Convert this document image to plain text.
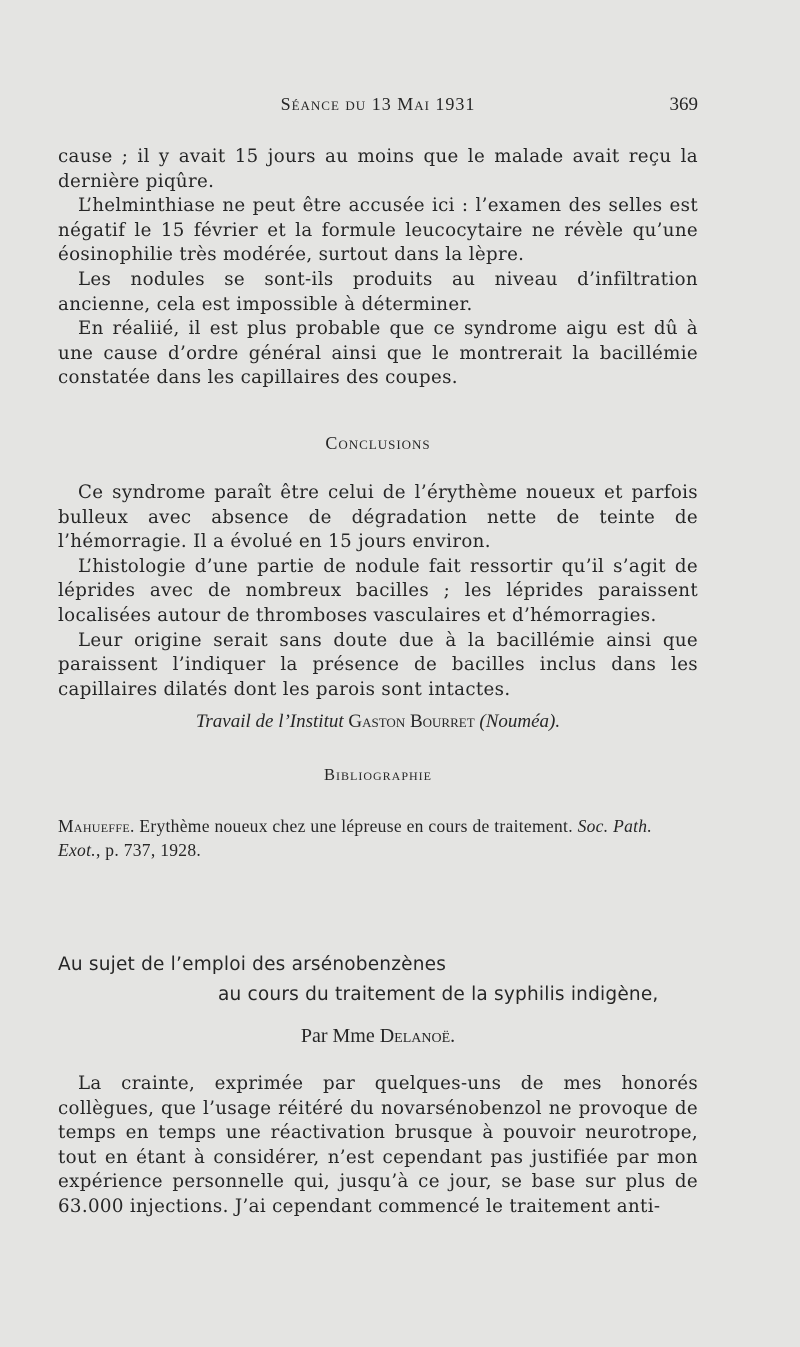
Séance du 13 Mai 1931	369

cause ; il y avait 15 jours au moins que le malade avait reçu la dernière piqûre.

L’helminthiase ne peut être accusée ici : l’examen des selles est négatif le 15 février et la formule leucocytaire ne révèle qu’une éosinophilie très modérée, surtout dans la lèpre.

Les nodules se sont-ils produits au niveau d’infiltration ancienne, cela est impossible à déterminer.

En réaliié, il est plus probable que ce syndrome aigu est dû à une cause d’ordre général ainsi que le montrerait la bacillémie constatée dans les capillaires des coupes.

Conclusions

Ce syndrome paraît être celui de l’érythème noueux et parfois bulleux avec absence de dégradation nette de teinte de l’hémorragie. Il a évolué en 15 jours environ.

L’histologie d’une partie de nodule fait ressortir qu’il s’agit de léprides avec de nombreux bacilles ; les léprides paraissent localisées autour de thromboses vasculaires et d’hémorragies.

Leur origine serait sans doute due à la bacillémie ainsi que paraissent l’indiquer la présence de bacilles inclus dans les capillaires dilatés dont les parois sont intactes.

Travail de l’Institut Gaston Bourret (Nouméa).
Bibliographie
Mahueffe. Erythème noueux chez une lépreuse en cours de traitement. Soc. Path. Exot., p. 737, 1928.
Au sujet de l’emploi des arsénobenzènes
au cours du traitement de la syphilis indigène,
Par Mme Delanoë.

La crainte, exprimée par quelques-uns de mes honorés collègues, que l’usage réitéré du novarsénobenzol ne provoque de temps en temps une réactivation brusque à pouvoir neurotrope, tout en étant à considérer, n’est cependant pas justifiée par mon expérience personnelle qui, jusqu’à ce jour, se base sur plus de 63.000 injections. J’ai cependant commencé le traitement anti-
